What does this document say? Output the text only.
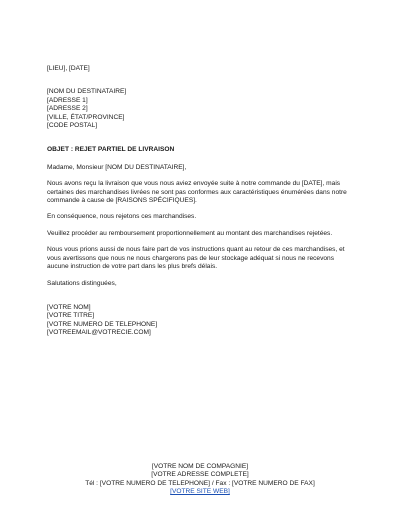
[LIEU], [DATE]
[NOM DU DESTINATAIRE]
[ADRESSE 1]
[ADRESSE 2]
[VILLE, ÉTAT/PROVINCE]
[CODE POSTAL]
OBJET : REJET PARTIEL DE LIVRAISON
Madame, Monsieur [NOM DU DESTINATAIRE],
Nous avons reçu la livraison que vous nous aviez envoyée suite à notre commande du [DATE], mais
certaines des marchandises livrées ne sont pas conformes aux caractéristiques énumérées dans notre
commande à cause de [RAISONS SPÉCIFIQUES].
En conséquence, nous rejetons ces marchandises.
Veuillez procéder au remboursement proportionnellement au montant des marchandises rejetées.
Nous vous prions aussi de nous faire part de vos instructions quant au retour de ces marchandises, et
vous avertissons que nous ne nous chargerons pas de leur stockage adéquat si nous ne recevons
aucune instruction de votre part dans les plus brefs délais.
Salutations distinguées,
[VOTRE NOM]
[VOTRE TITRE]
[VOTRE NUMERO DE TELEPHONE]
[VOTREEMAIL@VOTRECIE.COM]
[VOTRE NOM DE COMPAGNIE]
[VOTRE ADRESSE COMPLETE]
Tél : [VOTRE NUMERO DE TELEPHONE] / Fax : [VOTRE NUMERO DE FAX]
[VOTRE SITE WEB]
